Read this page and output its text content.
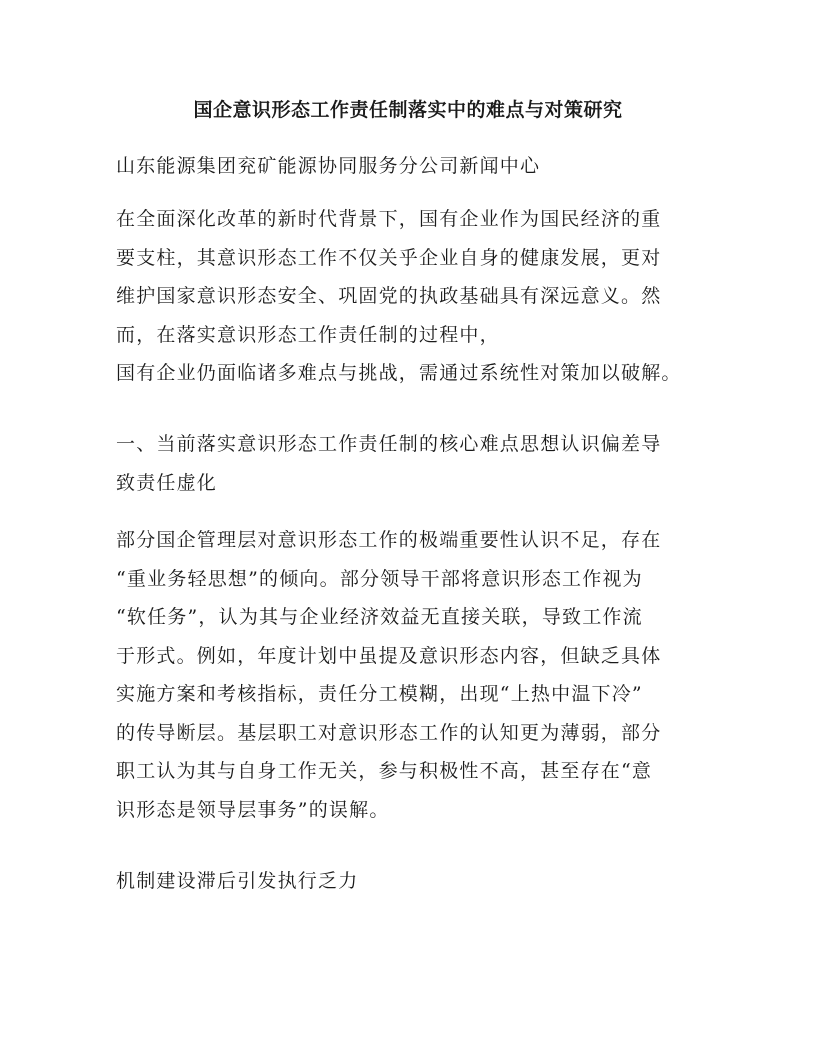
国企意识形态工作责任制落实中的难点与对策研究
山东能源集团兖矿能源协同服务分公司新闻中心
在全面深化改革的新时代背景下，国有企业作为国民经济的重
要支柱，其意识形态工作不仅关乎企业自身的健康发展，更对
维护国家意识形态安全、巩固党的执政基础具有深远意义。然
而，在落实意识形态工作责任制的过程中，
国有企业仍面临诸多难点与挑战，需通过系统性对策加以破解。
一、当前落实意识形态工作责任制的核心难点思想认识偏差导
致责任虚化
部分国企管理层对意识形态工作的极端重要性认识不足，存在
“重业务轻思想”的倾向。部分领导干部将意识形态工作视为
“软任务”，认为其与企业经济效益无直接关联，导致工作流
于形式。例如，年度计划中虽提及意识形态内容，但缺乏具体
实施方案和考核指标，责任分工模糊，出现“上热中温下冷”
的传导断层。基层职工对意识形态工作的认知更为薄弱，部分
职工认为其与自身工作无关，参与积极性不高，甚至存在“意
识形态是领导层事务”的误解。
机制建设滞后引发执行乏力
